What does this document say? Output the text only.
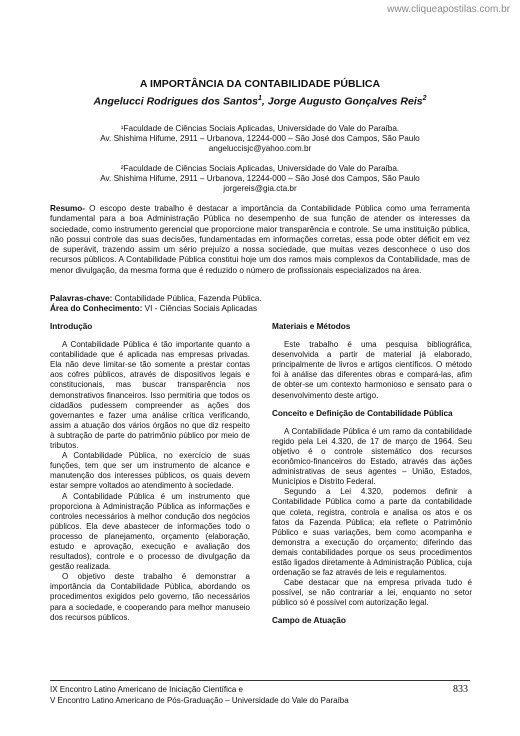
www.cliqueapostilas.com.br
A IMPORTÂNCIA DA CONTABILIDADE PÚBLICA
Angelucci Rodrigues dos Santos$^1$, Jorge Augusto Gonçalves Reis$^2$
¹Faculdade de Ciências Sociais Aplicadas, Universidade do Vale do Paraíba.
Av. Shishima Hifume, 2911 – Urbanova, 12244-000 – São José dos Campos, São Paulo
angeluccisjc@yahoo.com.br
²Faculdade de Ciências Sociais Aplicadas, Universidade do Vale do Paraíba.
Av. Shishima Hifume, 2911 – Urbanova, 12244-000 – São José dos Campos, São Paulo
jorgereis@gia.cta.br
Resumo- O escopo deste trabalho é destacar a importância da Contabilidade Pública como uma ferramenta fundamental para a boa Administração Pública no desempenho de sua função de atender os interesses da sociedade, como instrumento gerencial que proporcione maior transparência e controle. Se uma instituição pública, não possui controle das suas decisões, fundamentadas em informações corretas, essa pode obter déficit em vez de superávit, trazendo assim um sério prejuízo a nossa sociedade, que muitas vezes desconhece o uso dos recursos públicos. A Contabilidade Pública constitui hoje um dos ramos mais complexos da Contabilidade, mas de menor divulgação, da mesma forma que é reduzido o número de profissionais especializados na área.
Palavras-chave: Contabilidade Pública, Fazenda Pública.
Área do Conhecimento: VI - Ciências Sociais Aplicadas
Introdução

A Contabilidade Pública é tão importante quanto a contabilidade que é aplicada nas empresas privadas. Ela não deve limitar-se tão somente a prestar contas aos cofres públicos, através de dispositivos legais e constitucionais, mas buscar transparência nos demonstrativos financeiros. Isso permitiria que todos os cidadãos pudessem compreender as ações dos governantes e fazer uma análise crítica verificando, assim a atuação dos vários órgãos no que diz respeito à subtração de parte do patrimônio público por meio de tributos.

A Contabilidade Pública, no exercício de suas funções, tem que ser um instrumento de alcance e manutenção dos interesses públicos, os quais devem estar sempre voltados ao atendimento à sociedade.

A Contabilidade Pública é um instrumento que proporciona à Administração Pública as informações e controles necessários à melhor condução dos negócios públicos. Ela deve abastecer de informações todo o processo de planejamento, orçamento (elaboração, estudo e aprovação, execução e avaliação dos resultados), controle e o processo de divulgação da gestão realizada.

O objetivo deste trabalho é demonstrar a importância da Contabilidade Pública, abordando os procedimentos exigidos pelo governo, tão necessários para a sociedade, e cooperando para melhor manuseio dos recursos públicos.

Materiais e Métodos

Este trabalho é uma pesquisa bibliográfica, desenvolvida a partir de material já elaborado, principalmente de livros e artigos científicos. O método foi à análise das diferentes obras e compará-las, afim de obter-se um contexto harmonioso e sensato para o desenvolvimento deste artigo.

Conceito e Definição de Contabilidade Pública

A Contabilidade Pública é um ramo da contabilidade regido pela Lei 4.320, de 17 de março de 1964. Seu objetivo é o controle sistemático dos recursos econômico-financeiros do Estado, através das ações administrativas de seus agentes – União, Estados, Municípios e Distrito Federal.

Segundo a Lei 4.320, podemos definir a Contabilidade Pública como a parte da contabilidade que coleta, registra, controla e analisa os atos e os fatos da Fazenda Pública; ela reflete o Patrimônio Público e suas variações, bem como acompanha e demonstra a execução do orçamento; diferindo das demais contabilidades porque os seus procedimentos estão ligados diretamente à Administração Pública, cuja ordenação se faz através de leis e regulamentos.

Cabe destacar que na empresa privada tudo é possível, se não contrariar a lei, enquanto no setor público só é possível com autorização legal.

Campo de Atuação
IX Encontro Latino Americano de Iniciação Científica e
V Encontro Latino Americano de Pós-Graduação – Universidade do Vale do Paraíba
833
